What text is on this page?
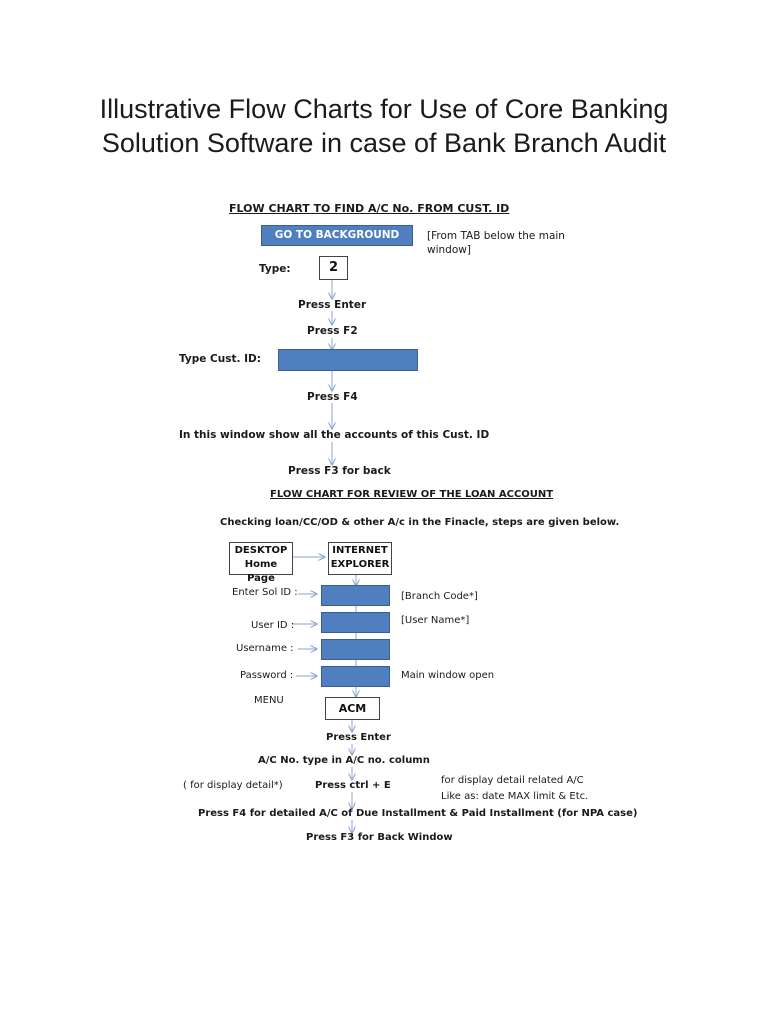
Illustrative Flow Charts for Use of Core Banking
Solution Software in case of Bank Branch Audit
FLOW CHART TO FIND A/C No. FROM CUST. ID
GO TO BACKGROUND	[From TAB below the main
window]
Type:	2
Press Enter
Press F2
Type Cust. ID:
Press F4
In this window show all the accounts of this Cust. ID
Press F3 for back
FLOW CHART FOR REVIEW OF THE LOAN ACCOUNT
Checking loan/CC/OD & other A/c in the Finacle, steps are given below.
DESKTOP
Home Page
INTERNET
EXPLORER
Enter Sol ID :	[Branch Code*]
User ID :	[User Name*]
Username :
Password :	Main window open
MENU
ACM
Press Enter
A/C No. type in A/C no. column
( for display detail*)	Press ctrl + E	for display detail related A/C
Like as: date MAX limit & Etc.
Press F4 for detailed A/C of Due Installment & Paid Installment (for NPA case)
Press F3 for Back Window
